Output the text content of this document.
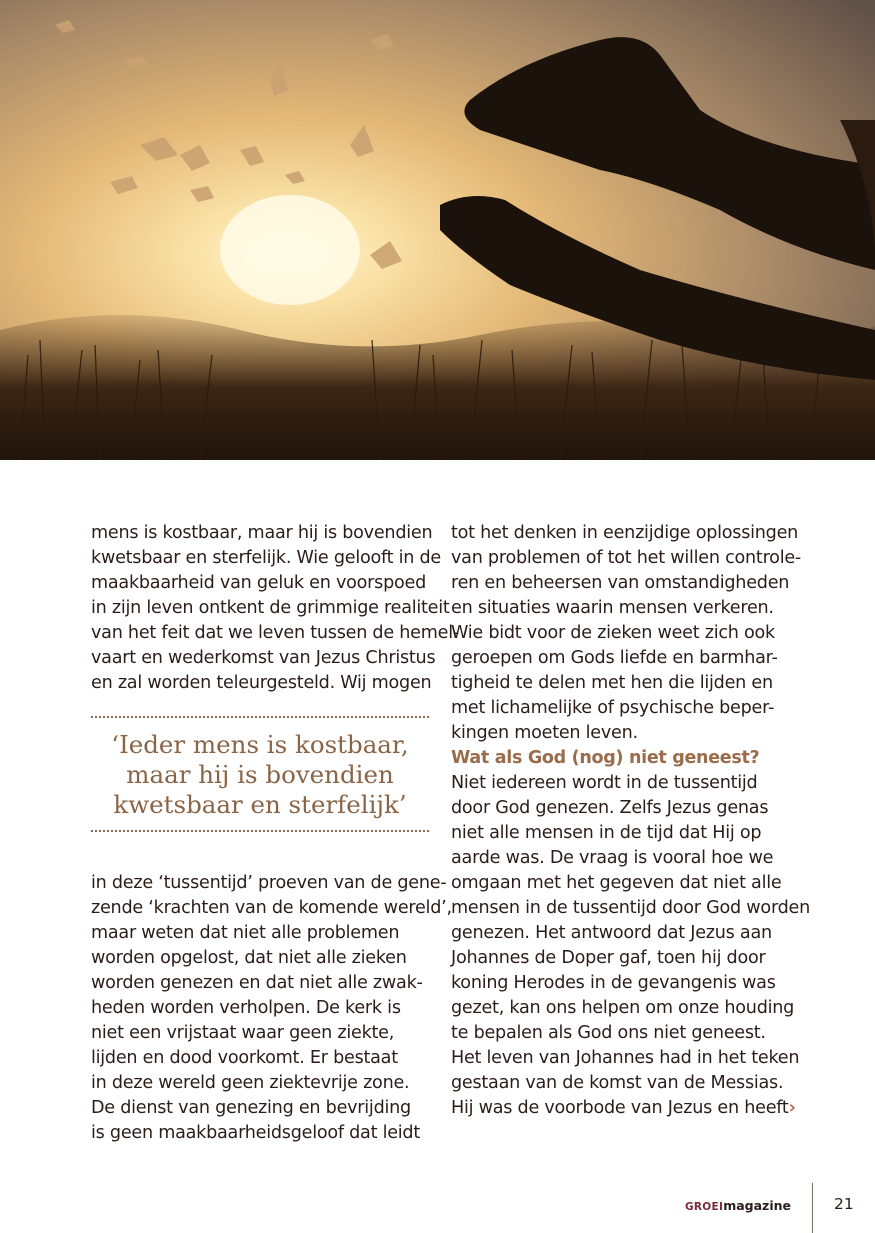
mens is kostbaar, maar hij is bovendien

kwetsbaar en sterfelijk. Wie gelooft in de

maakbaarheid van geluk en voorspoed

in zijn leven ontkent de grimmige realiteit

van het feit dat we leven tussen de hemel-

vaart en wederkomst van Jezus Christus

en zal worden teleurgesteld. Wij mogen

‘Ieder mens is kostbaar,
maar hij is bovendien
kwetsbaar en sterfelijk’

in deze ‘tussentijd’ proeven van de gene-

zende ‘krachten van de komende wereld’,

maar weten dat niet alle problemen

worden opgelost, dat niet alle zieken

worden genezen en dat niet alle zwak-

heden worden verholpen. De kerk is

niet een vrijstaat waar geen ziekte,

lijden en dood voorkomt. Er bestaat

in deze wereld geen ziektevrije zone.

De dienst van genezing en bevrijding

is geen maakbaarheidsgeloof dat leidt

tot het denken in eenzijdige oplossingen

van problemen of tot het willen controle-

ren en beheersen van omstandigheden

en situaties waarin mensen verkeren.

Wie bidt voor de zieken weet zich ook

geroepen om Gods liefde en barmhar-

tigheid te delen met hen die lijden en

met lichamelijke of psychische beper-

kingen moeten leven.

Wat als God (nog) niet geneest?

Niet iedereen wordt in de tussentijd

door God genezen. Zelfs Jezus genas

niet alle mensen in de tijd dat Hij op

aarde was. De vraag is vooral hoe we

omgaan met het gegeven dat niet alle

mensen in de tussentijd door God worden

genezen. Het antwoord dat Jezus aan

Johannes de Doper gaf, toen hij door

koning Herodes in de gevangenis was

gezet, kan ons helpen om onze houding

te bepalen als God ons niet geneest.

Het leven van Johannes had in het teken

gestaan van de komst van de Messias.

Hij was de voorbode van Jezus en heeft›

GROEImagazine	21
